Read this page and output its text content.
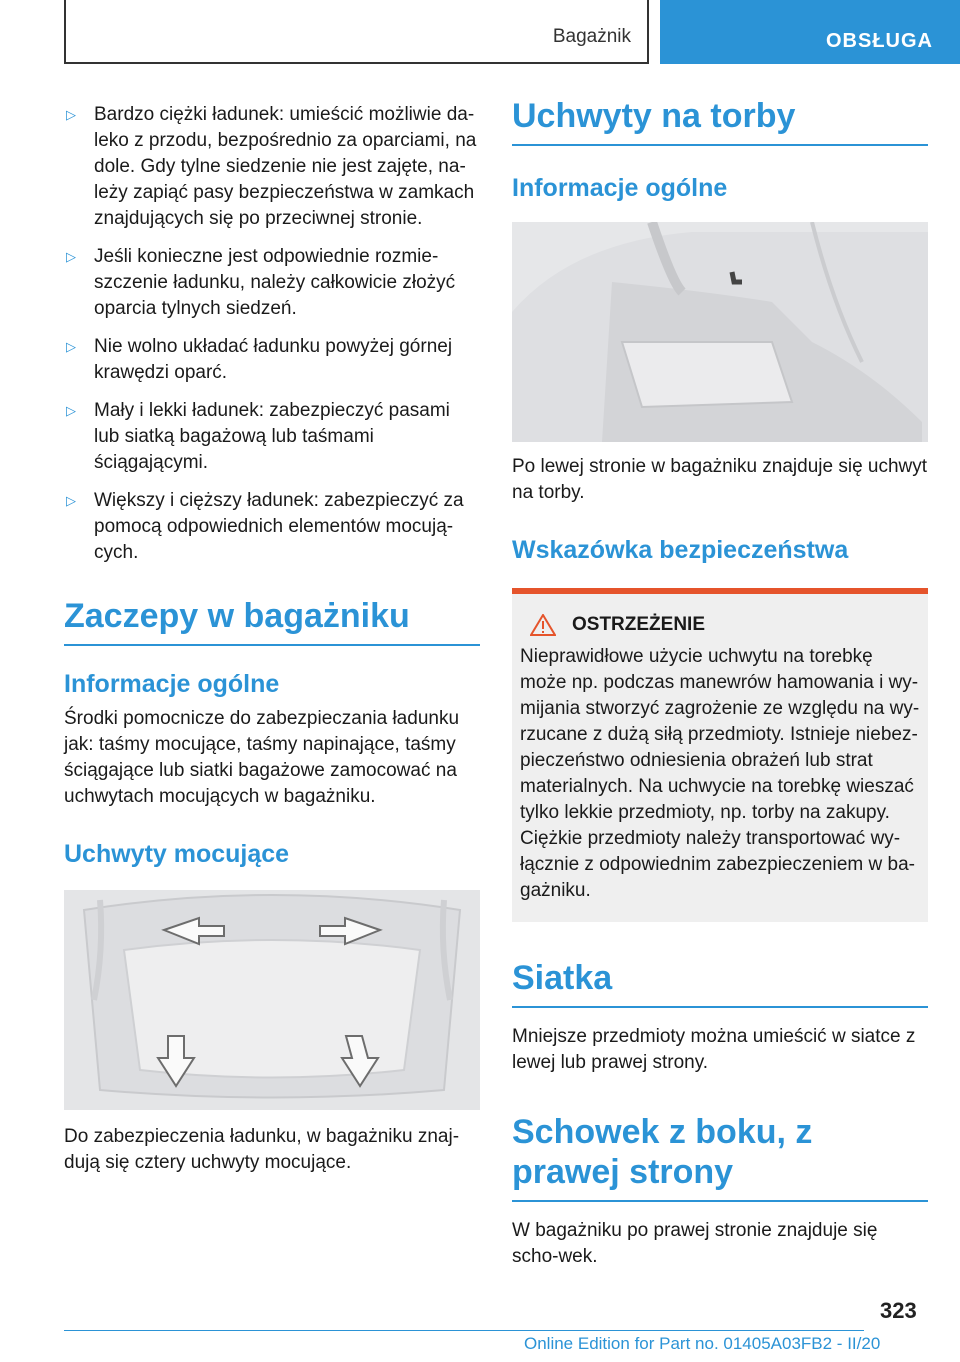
Bagażnik	OBSŁUGA
▷ Bardzo ciężki ładunek: umieścić możliwie da-leko z przodu, bezpośrednio za oparciami, na dole. Gdy tylne siedzenie nie jest zajęte, na-leży zapiąć pasy bezpieczeństwa w zamkach znajdujących się po przeciwnej stronie.
▷ Jeśli konieczne jest odpowiednie rozmie-szczenie ładunku, należy całkowicie złożyć oparcia tylnych siedzeń.
▷ Nie wolno układać ładunku powyżej górnej krawędzi oparć.
▷ Mały i lekki ładunek: zabezpieczyć pasami lub siatką bagażową lub taśmami ściągającymi.
▷ Większy i cięższy ładunek: zabezpieczyć za pomocą odpowiednich elementów mocują-cych.
Zaczepy w bagażniku
Informacje ogólne

Środki pomocnicze do zabezpieczania ładunku jak: taśmy mocujące, taśmy napinające, taśmy ściągające lub siatki bagażowe zamocować na uchwytach mocujących w bagażniku.

Uchwyty mocujące

Do zabezpieczenia ładunku, w bagażniku znaj-dują się cztery uchwyty mocujące.

Uchwyty na torby
Informacje ogólne

Po lewej stronie w bagażniku znajduje się uchwyt na torby.

Wskazówka bezpieczeństwa
OSTRZEŻENIE

Nieprawidłowe użycie uchwytu na torebkę może np. podczas manewrów hamowania i wy-mijania stworzyć zagrożenie ze względu na wy-rzucane z dużą siłą przedmioty. Istnieje niebez-pieczeństwo odniesienia obrażeń lub strat materialnych. Na uchwycie na torebkę wieszać tylko lekkie przedmioty, np. torby na zakupy. Ciężkie przedmioty należy transportować wy-łącznie z odpowiednim zabezpieczeniem w ba-gażniku.

Siatka

Mniejsze przedmioty można umieścić w siatce z lewej lub prawej strony.

Schowek z boku, z prawej strony

W bagażniku po prawej stronie znajduje się scho-wek.

323
Online Edition for Part no. 01405A03FB2 - II/20
